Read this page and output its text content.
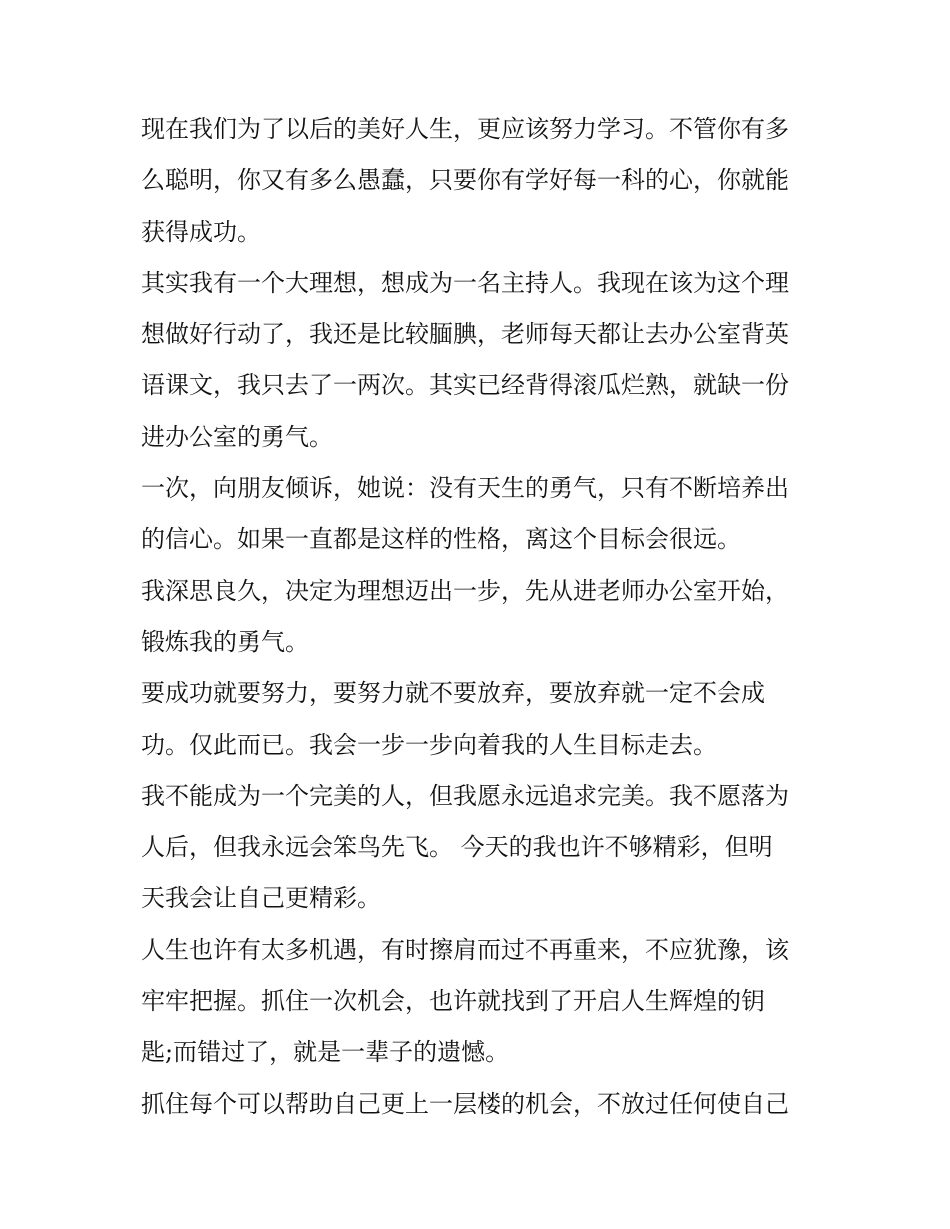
现在我们为了以后的美好人生，更应该努力学习。不管你有多
么聪明，你又有多么愚蠢，只要你有学好每一科的心，你就能
获得成功。
其实我有一个大理想，想成为一名主持人。我现在该为这个理
想做好行动了，我还是比较腼腆，老师每天都让去办公室背英
语课文，我只去了一两次。其实已经背得滚瓜烂熟，就缺一份
进办公室的勇气。
一次，向朋友倾诉，她说：没有天生的勇气，只有不断培养出
的信心。如果一直都是这样的性格，离这个目标会很远。
我深思良久，决定为理想迈出一步，先从进老师办公室开始，
锻炼我的勇气。
要成功就要努力，要努力就不要放弃，要放弃就一定不会成
功。仅此而已。我会一步一步向着我的人生目标走去。
我不能成为一个完美的人，但我愿永远追求完美。我不愿落为
人后，但我永远会笨鸟先飞。 今天的我也许不够精彩，但明
天我会让自己更精彩。
人生也许有太多机遇，有时擦肩而过不再重来，不应犹豫，该
牢牢把握。抓住一次机会，也许就找到了开启人生辉煌的钥
匙;而错过了，就是一辈子的遗憾。
抓住每个可以帮助自己更上一层楼的机会，不放过任何使自己
